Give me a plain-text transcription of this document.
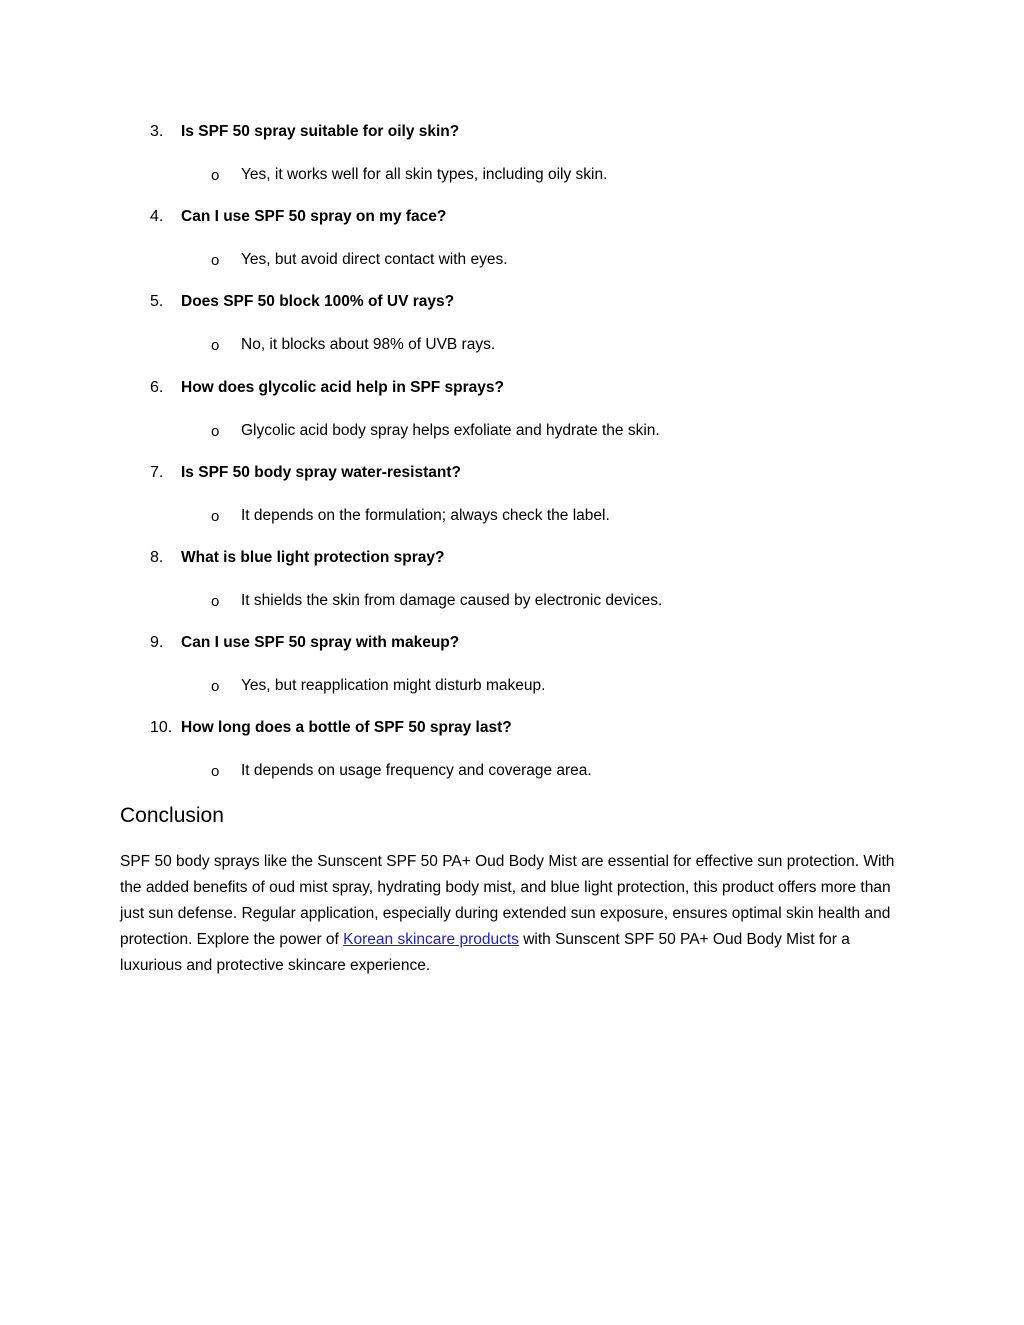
3. Is SPF 50 spray suitable for oily skin?
o Yes, it works well for all skin types, including oily skin.
4. Can I use SPF 50 spray on my face?
o Yes, but avoid direct contact with eyes.
5. Does SPF 50 block 100% of UV rays?
o No, it blocks about 98% of UVB rays.
6. How does glycolic acid help in SPF sprays?
o Glycolic acid body spray helps exfoliate and hydrate the skin.
7. Is SPF 50 body spray water-resistant?
o It depends on the formulation; always check the label.
8. What is blue light protection spray?
o It shields the skin from damage caused by electronic devices.
9. Can I use SPF 50 spray with makeup?
o Yes, but reapplication might disturb makeup.
10. How long does a bottle of SPF 50 spray last?
o It depends on usage frequency and coverage area.
Conclusion

SPF 50 body sprays like the Sunscent SPF 50 PA+ Oud Body Mist are essential for effective sun protection. With the added benefits of oud mist spray, hydrating body mist, and blue light protection, this product offers more than just sun defense. Regular application, especially during extended sun exposure, ensures optimal skin health and protection. Explore the power of Korean skincare products with Sunscent SPF 50 PA+ Oud Body Mist for a luxurious and protective skincare experience.
